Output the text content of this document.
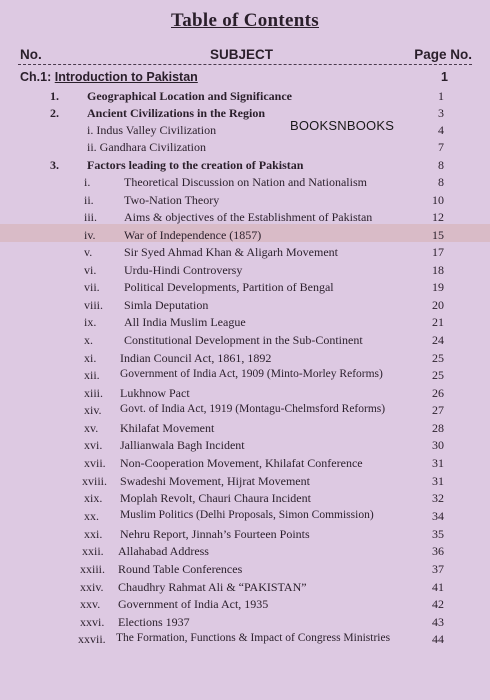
Table of Contents
No.	SUBJECT	Page No.
Ch.1: Introduction to Pakistan	1
BOOKSNBOOKS
1. Geographical Location and Significance	1
2. Ancient Civilizations in the Region	3
i. Indus Valley Civilization	4
ii. Gandhara Civilization	7
3. Factors leading to the creation of Pakistan	8
i.	Theoretical Discussion on Nation and Nationalism	8
ii.	Two-Nation Theory	10
iii. Aims & objectives of the Establishment of Pakistan	12
iv. War of Independence (1857)	15
v.	Sir Syed Ahmad Khan & Aligarh Movement	17
vi. Urdu-Hindi Controversy	18
vii. Political Developments, Partition of Bengal	19
viii. Simla Deputation	20
ix. All India Muslim League	21
x.	Constitutional Development in the Sub-Continent	24
xi. Indian Council Act, 1861, 1892	25
xii. Government of India Act, 1909 (Minto-Morley Reforms)	25
xiii. Lukhnow Pact	26
xiv. Govt. of India Act, 1919 (Montagu-Chelmsford Reforms)	27
xv. Khilafat Movement	28
xvi. Jallianwala Bagh Incident	30
xvii. Non-Cooperation Movement, Khilafat Conference	31
xviii. Swadeshi Movement, Hijrat Movement	31
xix. Moplah Revolt, Chauri Chaura Incident	32
xx. Muslim Politics (Delhi Proposals, Simon Commission)	34
xxi. Nehru Report, Jinnah’s Fourteen Points	35
xxii. Allahabad Address	36
xxiii. Round Table Conferences	37
xxiv. Chaudhry Rahmat Ali & “PAKISTAN”	41
xxv. Government of India Act, 1935	42
xxvi. Elections 1937	43
xxvii. The Formation, Functions & Impact of Congress Ministries	44
